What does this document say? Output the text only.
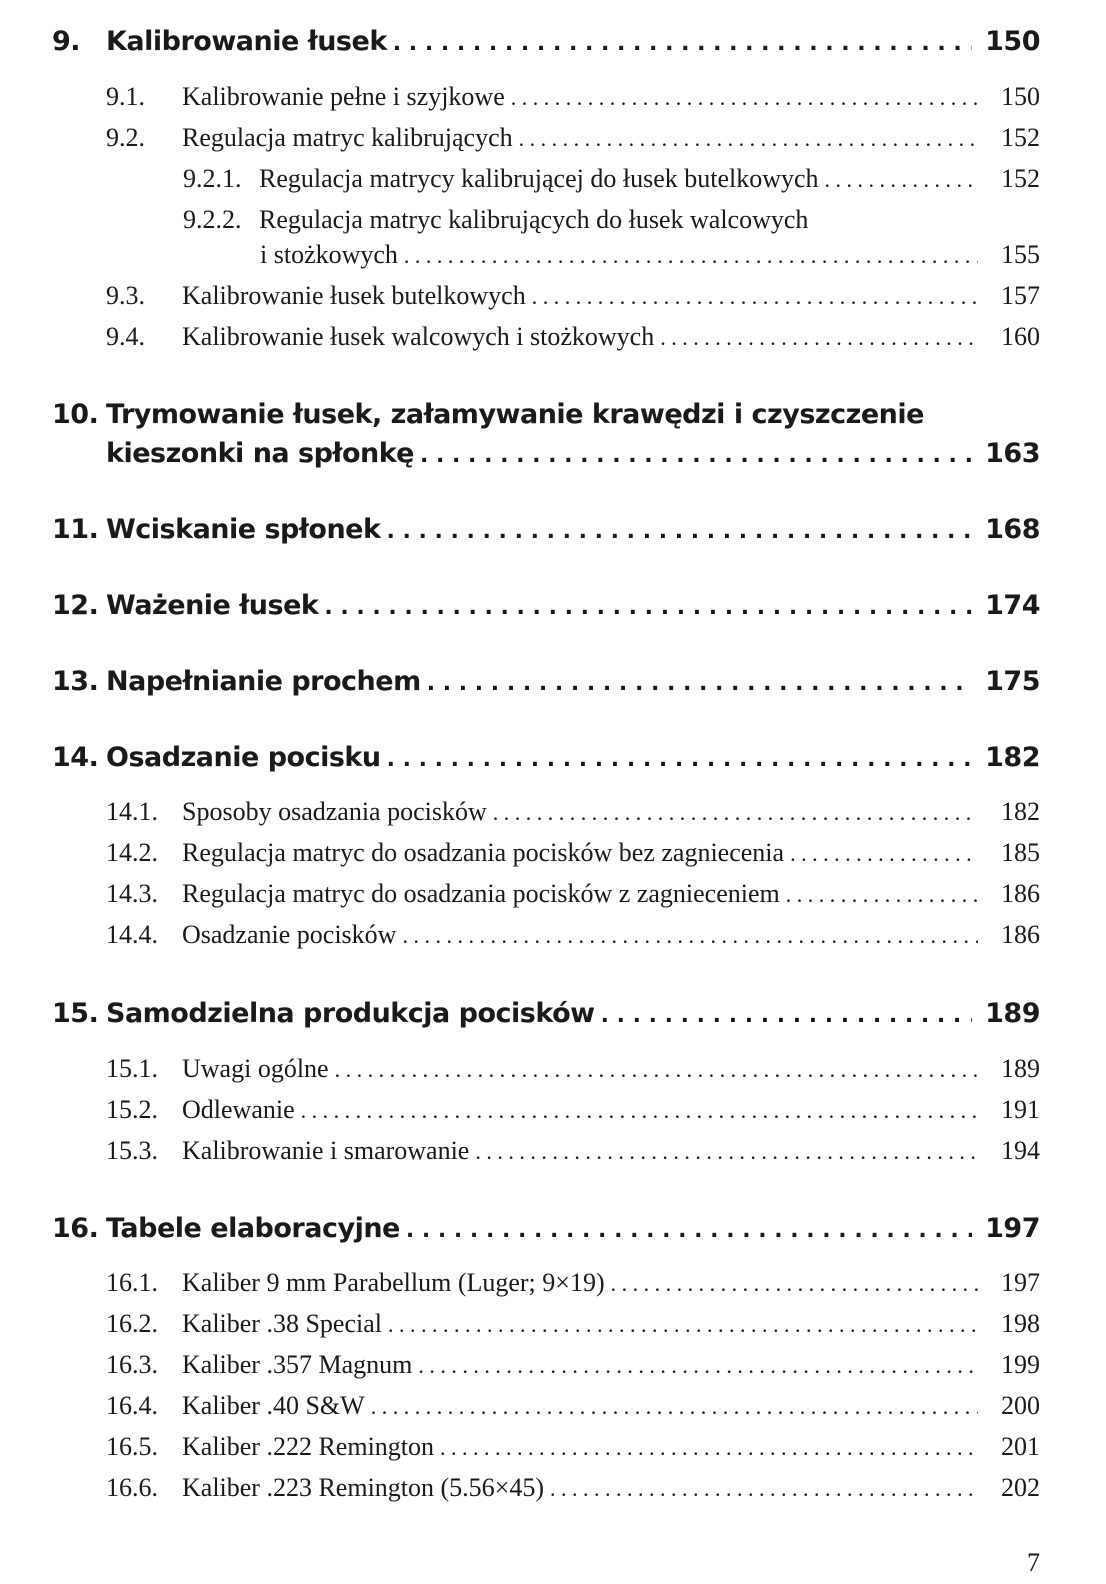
9. Kalibrowanie łusek . . .	150
9.1.	Kalibrowanie pełne i szyjkowe . . .	150
9.2.	Regulacja matryc kalibrujących . . .	152
9.2.1. Regulacja matrycy kalibrującej do łusek butelkowych . . .	152
9.2.2. Regulacja matryc kalibrujących do łusek walcowych
i stożkowych . . .	155
9.3.	Kalibrowanie łusek butelkowych . . .	157
9.4.	Kalibrowanie łusek walcowych i stożkowych . . .	160
10. Trymowanie łusek, załamywanie krawędzi i czyszczenie
kieszonki na spłonkę . . .	163
11. Wciskanie spłonek . . .	168
12. Ważenie łusek . . .	174
13. Napełnianie prochem . . .	175
14. Osadzanie pocisku . . .	182
14.1. Sposoby osadzania pocisków . . .	182
14.2. Regulacja matryc do osadzania pocisków bez zagniecenia . . .	185
14.3. Regulacja matryc do osadzania pocisków z zagnieceniem . . .	186
14.4. Osadzanie pocisków . . .	186
15. Samodzielna produkcja pocisków . . .	189
15.1. Uwagi ogólne . . .	189
15.2. Odlewanie . . .	191
15.3. Kalibrowanie i smarowanie . . .	194
16. Tabele elaboracyjne . . .	197
16.1. Kaliber 9 mm Parabellum (Luger; 9×19) . . .	197
16.2. Kaliber .38 Special . . .	198
16.3. Kaliber .357 Magnum . . .	199
16.4. Kaliber .40 S&W . . .	200
16.5. Kaliber .222 Remington . . .	201
16.6. Kaliber .223 Remington (5.56×45) . . .	202
7
